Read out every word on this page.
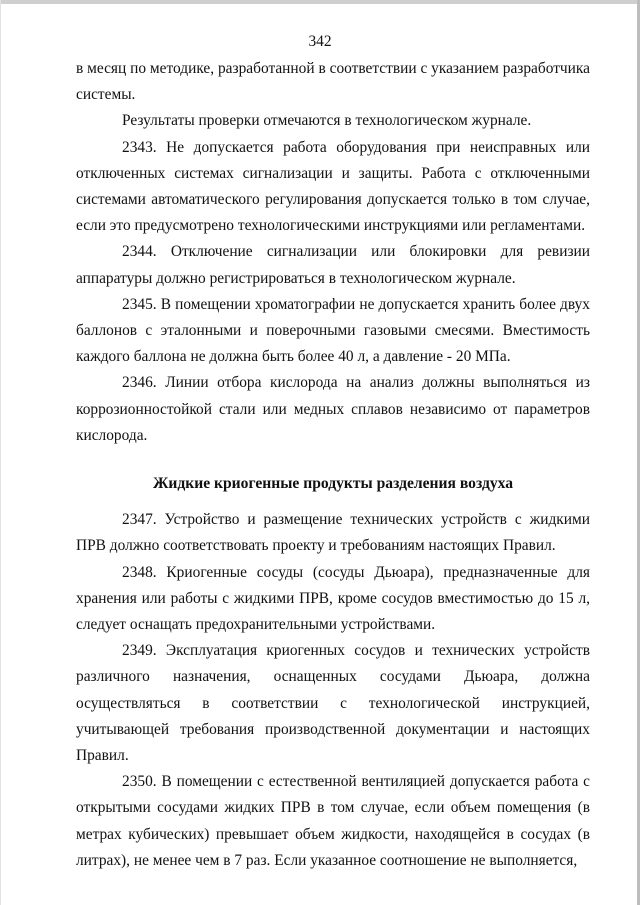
342

в месяц по методике, разработанной в соответствии с указанием разработчика системы.

Результаты проверки отмечаются в технологическом журнале.

2343. Не допускается работа оборудования при неисправных или отключенных системах сигнализации и защиты. Работа с отключенными системами автоматического регулирования допускается только в том случае, если это предусмотрено технологическими инструкциями или регламентами.

2344. Отключение сигнализации или блокировки для ревизии аппаратуры должно регистрироваться в технологическом журнале.

2345. В помещении хроматографии не допускается хранить более двух баллонов с эталонными и поверочными газовыми смесями. Вместимость каждого баллона не должна быть более 40 л, а давление - 20 МПа.

2346. Линии отбора кислорода на анализ должны выполняться из коррозионностойкой стали или медных сплавов независимо от параметров кислорода.

Жидкие криогенные продукты разделения воздуха

2347. Устройство и размещение технических устройств с жидкими ПРВ должно соответствовать проекту и требованиям настоящих Правил.

2348. Криогенные сосуды (сосуды Дьюара), предназначенные для хранения или работы с жидкими ПРВ, кроме сосудов вместимостью до 15 л, следует оснащать предохранительными устройствами.

2349. Эксплуатация криогенных сосудов и технических устройств различного назначения, оснащенных сосудами Дьюара, должна осуществляться в соответствии с технологической инструкцией, учитывающей требования производственной документации и настоящих Правил.

2350. В помещении с естественной вентиляцией допускается работа с открытыми сосудами жидких ПРВ в том случае, если объем помещения (в метрах кубических) превышает объем жидкости, находящейся в сосудах (в литрах), не менее чем в 7 раз. Если указанное соотношение не выполняется,
